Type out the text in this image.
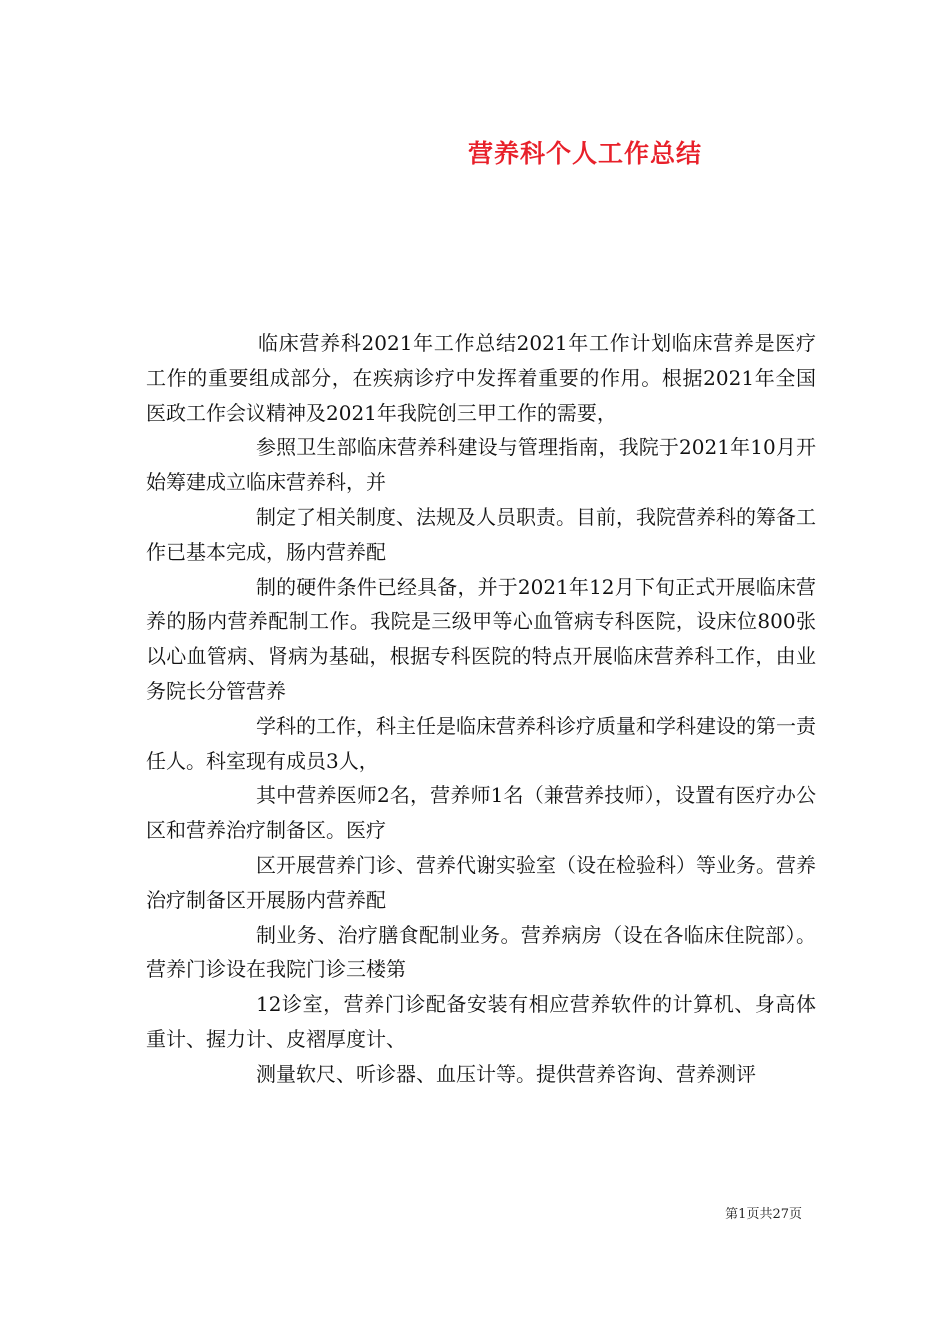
营养科个人工作总结

临床营养科2021年工作总结2021年工作计划临床营养是医疗工作的重要组成部分，在疾病诊疗中发挥着重要的作用。根据2021年全国医政工作会议精神及2021年我院创三甲工作的需要，

参照卫生部临床营养科建设与管理指南，我院于2021年10月开始筹建成立临床营养科，并

制定了相关制度、法规及人员职责。目前，我院营养科的筹备工作已基本完成，肠内营养配

制的硬件条件已经具备，并于2021年12月下旬正式开展临床营养的肠内营养配制工作。我院是三级甲等心血管病专科医院，设床位800张以心血管病、肾病为基础，根据专科医院的特点开展临床营养科工作，由业务院长分管营养

学科的工作，科主任是临床营养科诊疗质量和学科建设的第一责任人。科室现有成员3人，

其中营养医师2名，营养师1名（兼营养技师），设置有医疗办公区和营养治疗制备区。医疗

区开展营养门诊、营养代谢实验室（设在检验科）等业务。营养治疗制备区开展肠内营养配

制业务、治疗膳食配制业务。营养病房（设在各临床住院部）。营养门诊设在我院门诊三楼第

12诊室，营养门诊配备安装有相应营养软件的计算机、身高体重计、握力计、皮褶厚度计、

测量软尺、听诊器、血压计等。提供营养咨询、营养测评

第1页共27页
